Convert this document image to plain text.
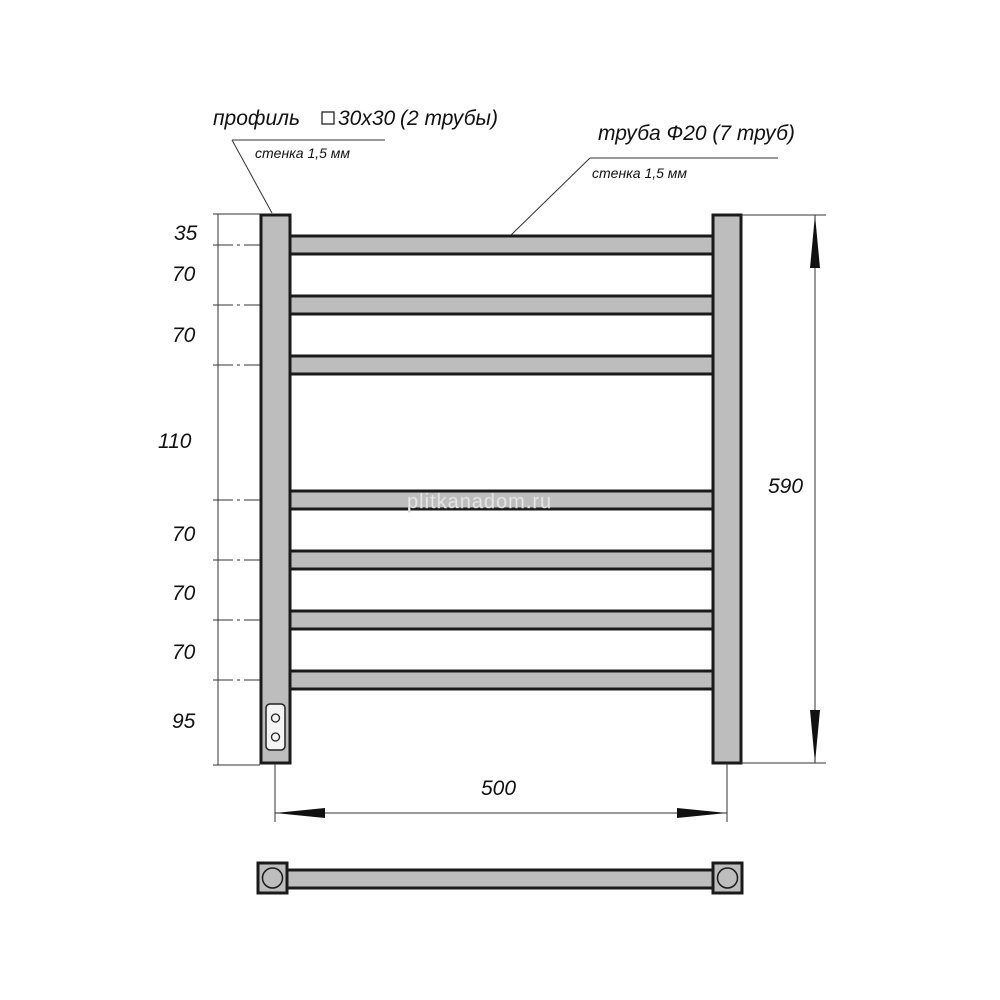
профиль 30х30 (2 трубы)
стенка 1,5 мм
труба Ф20 (7 труб)
стенка 1,5 мм
35
70
70
110
70
70
70
95
plitkanadom.ru
590
500
